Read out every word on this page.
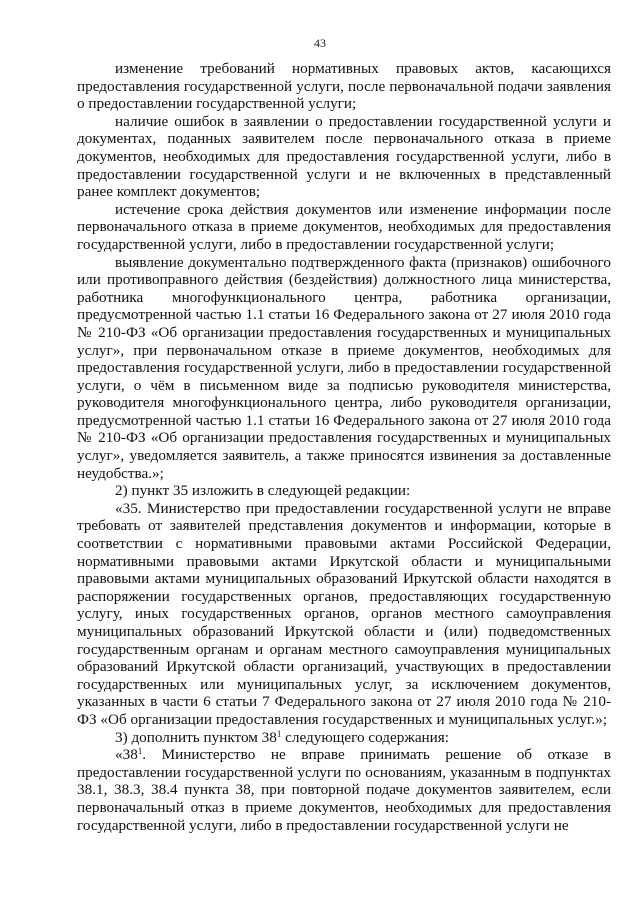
43

изменение требований нормативных правовых актов, касающихся предоставления государственной услуги, после первоначальной подачи заявления о предоставлении государственной услуги;

наличие ошибок в заявлении о предоставлении государственной услуги и документах, поданных заявителем после первоначального отказа в приеме документов, необходимых для предоставления государственной услуги, либо в предоставлении государственной услуги и не включенных в представленный ранее комплект документов;

истечение срока действия документов или изменение информации после первоначального отказа в приеме документов, необходимых для предоставления государственной услуги, либо в предоставлении государственной услуги;

выявление документально подтвержденного факта (признаков) ошибочного или противоправного действия (бездействия) должностного лица министерства, работника многофункционального центра, работника организации, предусмотренной частью 1.1 статьи 16 Федерального закона от 27 июля 2010 года № 210-ФЗ «Об организации предоставления государственных и муниципальных услуг», при первоначальном отказе в приеме документов, необходимых для предоставления государственной услуги, либо в предоставлении государственной услуги, о чём в письменном виде за подписью руководителя министерства, руководителя многофункционального центра, либо руководителя организации, предусмотренной частью 1.1 статьи 16 Федерального закона от 27 июля 2010 года № 210-ФЗ «Об организации предоставления государственных и муниципальных услуг», уведомляется заявитель, а также приносятся извинения за доставленные неудобства.»;

2) пункт 35 изложить в следующей редакции:

«35. Министерство при предоставлении государственной услуги не вправе требовать от заявителей представления документов и информации, которые в соответствии с нормативными правовыми актами Российской Федерации, нормативными правовыми актами Иркутской области и муниципальными правовыми актами муниципальных образований Иркутской области находятся в распоряжении государственных органов, предоставляющих государственную услугу, иных государственных органов, органов местного самоуправления муниципальных образований Иркутской области и (или) подведомственных государственным органам и органам местного самоуправления муниципальных образований Иркутской области организаций, участвующих в предоставлении государственных или муниципальных услуг, за исключением документов, указанных в части 6 статьи 7 Федерального закона от 27 июля 2010 года № 210-ФЗ «Об организации предоставления государственных и муниципальных услуг.»;

3) дополнить пунктом $38^1$ следующего содержания:

«$38^1$. Министерство не вправе принимать решение об отказе в предоставлении государственной услуги по основаниям, указанным в подпунктах 38.1, 38.3, 38.4 пункта 38, при повторной подаче документов заявителем, если первоначальный отказ в приеме документов, необходимых для предоставления государственной услуги, либо в предоставлении государственной услуги не
